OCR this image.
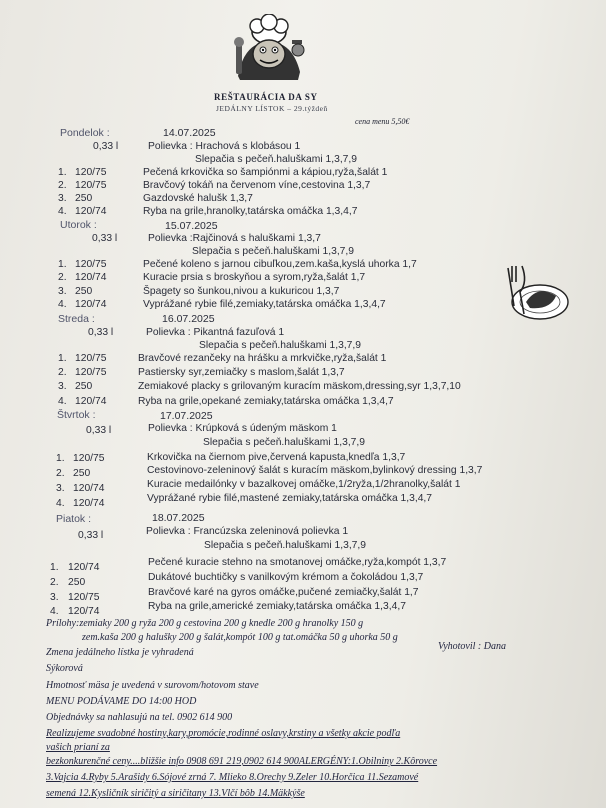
REŠTAURÁCIA DA SY
JEDÁLNY LÍSTOK – 29.týždeň
cena menu 5,50€
Pondelok :	14.07.2025
0,33 l	Polievka : Hrachová s klobásou 1
Slepačia s pečeň.haluškami 1,3,7,9
1. 120/75	Pečená krkovička so šampiónmi a kápiou,ryža,šalát 1
2. 120/75	Bravčový tokáň na červenom víne,cestovina 1,3,7
3. 250	Gazdovské halušk 1,3,7
4. 120/74	Ryba na grile,hranolky,tatárska omáčka 1,3,4,7
Utorok :	15.07.2025
0,33 l	Polievka :Rajčinová s haluškami 1,3,7
Slepačia s pečeň.haluškami 1,3,7,9
1. 120/75	Pečené koleno s jarnou cibuľkou,zem.kaša,kyslá uhorka 1,7
2. 120/74	Kuracie prsia s broskyňou a syrom,ryža,šalát 1,7
3. 250	Špagety so šunkou,nivou a kukuricou 1,3,7
4. 120/74	Vyprážané rybie filé,zemiaky,tatárska omáčka 1,3,4,7
Streda :	16.07.2025
0,33 l	Polievka : Pikantná fazuľová 1
Slepačia s pečeň.haluškami 1,3,7,9
1. 120/75	Bravčové rezančeky na hrášku a mrkvičke,ryža,šalát 1
2. 120/75	Pastiersky syr,zemiačky s maslom,šalát 1,3,7
3. 250	Zemiakové placky s grilovaným kuracím mäskom,dressing,syr 1,3,7,10
4. 120/74	Ryba na grile,opekané zemiaky,tatárska omáčka 1,3,4,7
Štvrtok :	17.07.2025
0,33 l	Polievka : Krúpková s údeným mäskom 1
Slepačia s pečeň.haluškami 1,3,7,9
1. 120/75	Krkovička na čiernom pive,červená kapusta,knedľa 1,3,7
2. 250	Cestovinovo-zeleninový šalát s kuracím mäskom,bylinkový dressing 1,3,7
3. 120/74	Kuracie medailónky v bazalkovej omáčke,1/2ryža,1/2hranolky,šalát 1
4. 120/74	Vyprážané rybie filé,mastené zemiaky,tatárska omáčka 1,3,4,7
Piatok :	18.07.2025
0,33 l	Polievka : Francúzska zeleninová polievka 1
Slepačia s pečeň.haluškami 1,3,7,9
1. 120/74	Pečené kuracie stehno na smotanovej omáčke,ryža,kompót 1,3,7
2. 250	Dukátové buchtičky s vanilkovým krémom a čokoládou 1,3,7
3. 120/75	Bravčové karé na gyros omáčke,pučené zemiačky,šalát 1,7
4. 120/74	Ryba na grile,americké zemiaky,tatárska omáčka 1,3,4,7
Prílohy:zemiaky 200 g ryža 200 g cestovina 200 g knedle 200 g hranolky 150 g
zem.kaša 200 g halušky 200 g šalát,kompót 100 g tat.omáčka 50 g uhorka 50 g
Zmena jedálneho lístka je vyhradená
Vyhotovil : Dana
Sýkorová
Hmotnosť mäsa je uvedená v surovom/hotovom stave
MENU PODÁVAME DO 14:00 HOD
Objednávky sa nahlasujú na tel. 0902 614 900
Realizujeme svadobné hostiny,kary,promócie,rodinné oslavy,krstiny a všetky akcie podľa
vašich prianí za
bezkonkurenčné ceny....bližšie info 0908 691 219,0902 614 900ALERGÉNY:1.Obilniny 2.Kôrovce
3.Vajcia 4.Ryby 5.Arašidy 6.Sójové zrná 7. Mlieko 8.Orechy 9.Zeler 10.Horčica 11.Sezamové
semená 12.Kysličník siričitý a siričitany 13.Vlčí bôb 14.Mäkkýše
